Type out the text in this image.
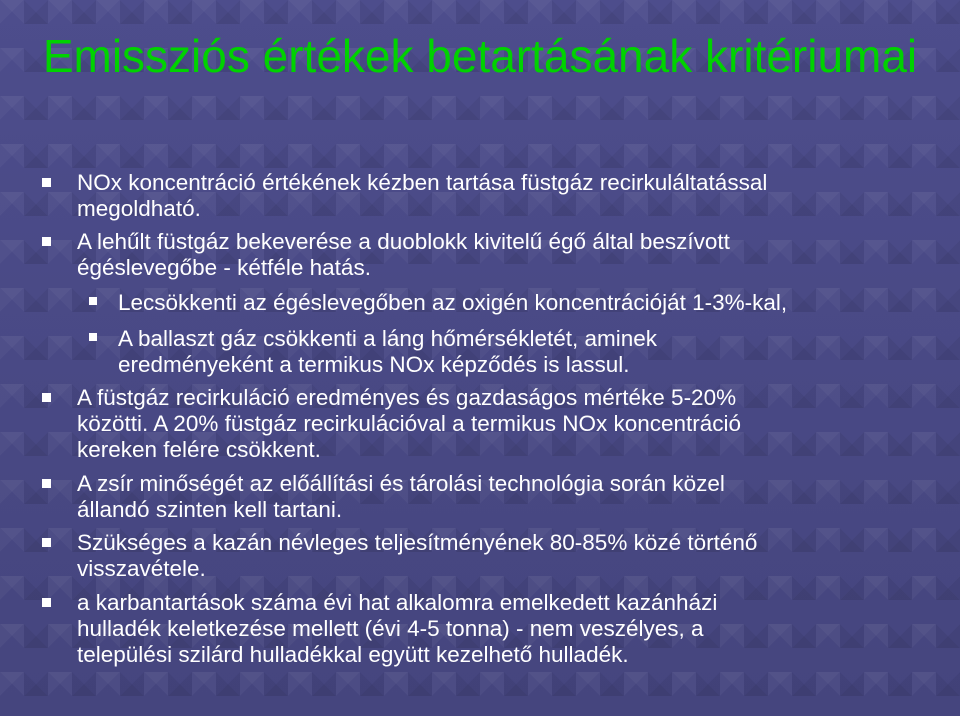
Emissziós értékek betartásának kritériumai
NOx koncentráció értékének kézben tartása füstgáz recirkuláltatással
megoldható.
A lehűlt füstgáz bekeverése a duoblokk kivitelű égő által beszívott
égéslevegőbe - kétféle hatás.
Lecsökkenti az égéslevegőben az oxigén koncentrációját 1-3%-kal,
A ballaszt gáz csökkenti a láng hőmérsékletét, aminek
eredményeként a termikus NOx képződés is lassul.
A füstgáz recirkuláció eredményes és gazdaságos mértéke 5-20%
közötti. A 20% füstgáz recirkulációval a termikus NOx koncentráció
kereken felére csökkent.
A zsír minőségét az előállítási és tárolási technológia során közel
állandó szinten kell tartani.
Szükséges a kazán névleges teljesítményének 80-85% közé történő
visszavétele.
a karbantartások száma évi hat alkalomra emelkedett kazánházi
hulladék keletkezése mellett (évi 4-5 tonna) - nem veszélyes, a
települési szilárd hulladékkal együtt kezelhető hulladék.
